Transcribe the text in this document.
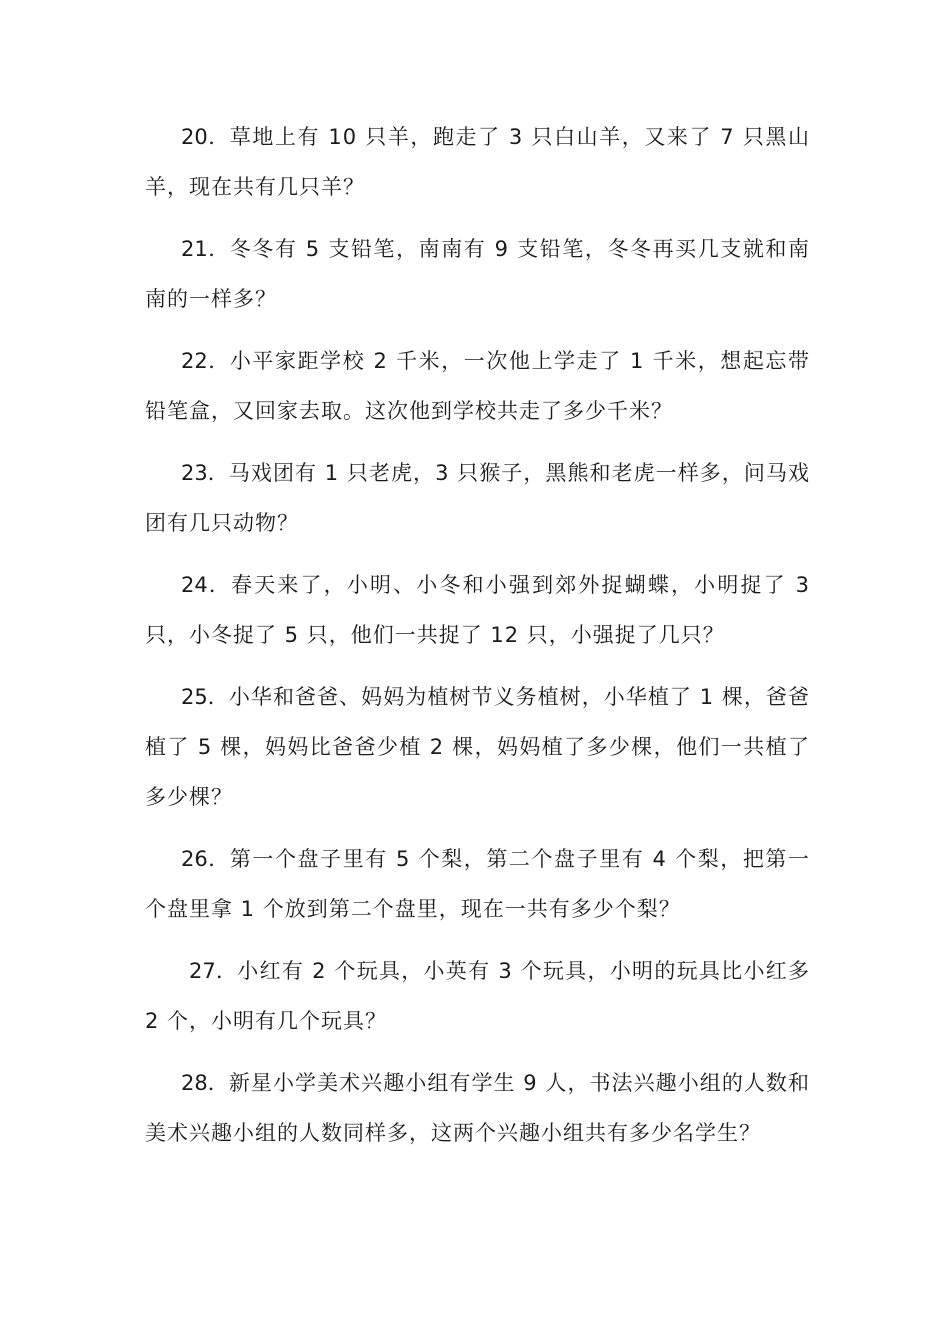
20．草地上有 10 只羊，跑走了 3 只白山羊，又来了 7 只黑山羊，现在共有几只羊？

21．冬冬有 5 支铅笔，南南有 9 支铅笔，冬冬再买几支就和南南的一样多？

22．小平家距学校 2 千米，一次他上学走了 1 千米，想起忘带铅笔盒，又回家去取。这次他到学校共走了多少千米？

23．马戏团有 1 只老虎，3 只猴子，黑熊和老虎一样多，问马戏团有几只动物？

24．春天来了，小明、小冬和小强到郊外捉蝴蝶，小明捉了 3 只，小冬捉了 5 只，他们一共捉了 12 只，小强捉了几只？

25．小华和爸爸、妈妈为植树节义务植树，小华植了 1 棵，爸爸植了 5 棵，妈妈比爸爸少植 2 棵，妈妈植了多少棵，他们一共植了多少棵？

26．第一个盘子里有 5 个梨，第二个盘子里有 4 个梨，把第一个盘里拿 1 个放到第二个盘里，现在一共有多少个梨？

27．小红有 2 个玩具，小英有 3 个玩具，小明的玩具比小红多 2 个，小明有几个玩具？

28．新星小学美术兴趣小组有学生 9 人，书法兴趣小组的人数和美术兴趣小组的人数同样多，这两个兴趣小组共有多少名学生？
